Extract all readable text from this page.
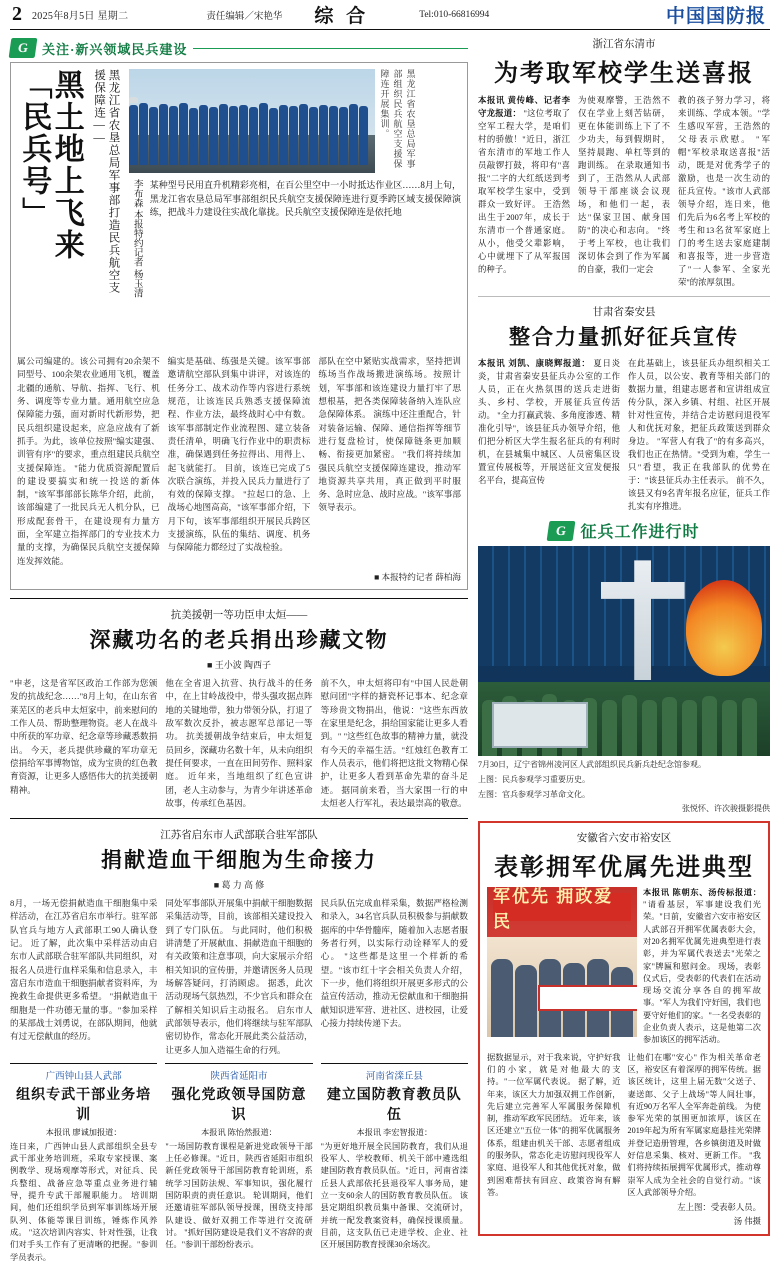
2 2025年8月5日 星期二	责任编辑／宋艳华 综 合	Tel:010-66816994	中国国防报
G 关注·新兴领域民兵建设
黑土地上飞来「民兵号」	黑龙江省农垦总局军事部打造民兵航空支援保障连——	黑龙江省农垦总局军事部组织民兵航空支援保障连开展集训。
李布森 本报特约记者 杨玉清 某种型号民用直升机精彩亮相，在百公里空中一小时抵达作业区……8月上旬，黑龙江省农垦总局军事部组织民兵航空支援保障连进行夏季跨区域支援保障演练，把战斗力建设往实战化靠拢。民兵航空支援保障连是依托地
属公司编建的。该公司拥有20余架不同型号、100余架农业通用飞机，覆盖北疆的通航、导航、指挥、飞行、机务、调度等专业力量。通用航空应急保障能力强，面对新时代新形势，把民兵组织建设起来，应急应战有了新抓手。为此，该单位按照"编实建强、训管有序"的要求，重点组建民兵航空支援保障连。 "能力优质资源配置后的建设要搞实和统一投送的新体制，"该军事部部长陈华介绍，此前，该部编建了一批民兵无人机分队，已形成配套骨干，在建设现有力量方面，全军建立指挥部门的专业技术力量的支撑，为确保民兵航空支援保障连发挥效能。
编实是基础、练强是关键。该军事部邀请航空部队到集中讲评，对该连的任务分工、战术动作等内容进行系统规范，让该连民兵熟悉支援保障流程、作业方法，最终战时心中有数。该军事部制定作业流程图、建立装备责任清单，明确飞行作业中的职责标准，确保遇到任务拉得出、用得上、起飞就能打。 目前，该连已完成了5次联合演练，并投入民兵力量进行了有效的保障支撑。 "拉起口的急、上战场心地图高高，"该军事部介绍，下月下旬，该军事部组织开展民兵跨区支援演练，队伍的集结、调度、机务与保障能力都经过了实战检验。
部队在空中紧贴实战需求，坚持把训练场当作战场搬进演练场。按照计划，军事部和该连建设力量打牢了思想根基，把各类保障装备纳入连队应急保障体系。 演练中还注重配合，针对装备运输、保障、通信指挥等细节进行复盘检讨，使保障链条更加顺畅、衔接更加紧密。 "我们将持续加强民兵航空支援保障连建设，推动军地资源共享共用，真正做到平时服务、急时应急、战时应战。"该军事部领导表示。
■ 本报特约记者 薛柏海
抗美援朝一等功臣申太烜——
深藏功名的老兵捐出珍藏文物
■ 王小波 陶西子
"申老，这是省军区政治工作部为您颁发的抗战纪念……"8月上旬，在山东省莱芜区的老兵申太烜家中，前来慰问的工作人员、帮助整理物资。老人在战斗中所获的军功章、纪念章等珍藏悉数捐出。 今天，老兵提供珍藏的军功章无偿捐给军事博物馆，成为宝贵的红色教育资源，让更多人感悟伟大的抗美援朝精神。
他在全省退入抗营、执行战斗的任务中，在上甘岭战役中，带头强攻据点阵地的关键地带，独力带领分队，打退了敌军数次反扑，被志愿军总部记一等功。 抗美援朝战争结束后，申太烜复员回乡，深藏功名数十年，从未向组织提任何要求，一直在田间劳作、照料家庭。 近年来，当地组织了红色宣讲团，老人主动参与，为青少年讲述革命故事，传承红色基因。
前不久，申太烜将印有"中国人民赴朝慰问团"字样的搪瓷杯记事本、纪念章等珍贵文物捐出，他说："这些东西放在家里是纪念，捐给国家能让更多人看到。" "这些红色故事的精神力量，就没有今天的幸福生活。"红烛红色教育工作人员表示，他们将把这批文物精心保护，让更多人看到革命先辈的奋斗足迹。 据同前来看，当大家围一行的申太烜老人行军礼，表达最崇高的敬意。
江苏省启东市人武部联合驻军部队
捐献造血干细胞为生命接力
■ 葛 力 高 修
8月，一场无偿捐献造血干细胞集中采样活动，在江苏省启东市举行。驻军部队官兵与地方人武部职工90人确认登记。 近了解，此次集中采样活动由启东市人武部联合驻军部队共同组织，对报名人员进行血样采集和信息录入，丰富启东市造血干细胞捐献者资料库，为挽救生命提供更多希望。 "捐献造血干细胞是一件功德无量的事。"参加采样的某部战士刘勇说，在部队期间，他就有过无偿献血的经历。
同处军事部队开展集中捐献干细胞数据采集活动等，目前，该部相关建设投入到了专门队伍。 与此同时，他们积极讲清楚了开展献血、捐献造血干细胞的有关政策和注意事项，向大家展示介绍相关知识的宣传册，并邀请医务人员现场解答疑问，打消顾虑。 据悉，此次活动现场气氛热烈，不少官兵和群众在了解相关知识后主动报名。 启东市人武部领导表示，他们将继续与驻军部队密切协作，常态化开展此类公益活动，让更多人加入造福生命的行列。
民兵队伍完成血样采集，数据严格检测和录入，34名官兵队员积极参与捐献数据库的中华骨髓库，随着加入志愿者服务者行列，以实际行动诠释军人的爱心。 "这些都是这里一个样新的希望。"该市红十字会相关负责人介绍，下一步，他们将组织开展更多形式的公益宣传活动，推动无偿献血和干细胞捐献知识进军营、进社区、进校园，让爱心接力持续传递下去。
广西钟山县人武部
组织专武干部业务培训
本报讯 廖诚加报道：
连日来，广西钟山县人武部组织全县专武干部业务培训班，采取专家授课、案例教学、现场观摩等形式，对征兵、民兵整组、战备应急等重点业务进行辅导，提升专武干部履职能力。 培训期间，他们还组织学员到军事训练场开展队列、体能等课目训练，锤炼作风养成。 "这次培训内容实、针对性强，让我们对手头工作有了更清晰的把握。"参训学员表示。
陕西省延阳市
强化党政领导国防意识
本报讯 陈怡然报道：
"一场国防教育课程是新进党政领导干部上任必修课。"近日，陕西省延阳市组织新任党政领导干部国防教育轮训班，系统学习国防法规、军事知识，强化履行国防职责的责任意识。 轮训期间，他们还邀请驻军部队领导授课，围绕支持部队建设、做好双拥工作等进行交流研讨。 "抓好国防建设是我们义不容辞的责任。"参训干部纷纷表示。
河南省滦丘县
建立国防教育教员队伍
本报讯 李宏智报道：
"为更好地开展全民国防教育，我们从退役军人、学校教师、机关干部中遴选组建国防教育教员队伍。"近日，河南省滦丘县人武部依托县退役军人事务局，建立一支60余人的国防教育教员队伍。 该县定期组织教员集中备课、交流研讨，并统一配发教案资料，确保授课质量。 目前，这支队伍已走进学校、企业、社区开展国防教育授课30余场次。
浙江省东清市
为考取军校学生送喜报
本报讯 黄传峰、记者李守龙报道： "这位考取了空军工程大学，是咱们村的骄傲！"近日，浙江省东清市的军地工作人员敲锣打鼓，将印有"喜报"二字的大红纸送到考取军校学生家中，受到群众一致好评。 王浩然出生于2007年，成长于东清市一个普通家庭。从小，他受父辈影响，心中就埋下了从军报国的种子。
为使观摩警，王浩然不仅在学业上刻苦钻研，更在体能训练上下了不少功夫，每到假期时，坚持晨跑、单杠等到的跑训练。 在录取通知书到了，王浩然从人武部领导干部座谈会议现场，和他们一起，表达"保家卫国、献身国防"的决心和志向。 "终于考上军校，也让我们深切体会到了作为军属的自豪，我们一定会
教的孩子努力学习，将来训练、学成本领。"学生感叹军营，王浩然的父母表示欣慰。 "军帽"军校录取送喜报"活动，既是对优秀学子的激励，也是一次生动的征兵宣传。"该市人武部领导介绍，连日来，他们先后为6名考上军校的考生和13名贫军家庭上门的考生送去家庭建制和喜报等，进一步营造了"一人参军、全家光荣"的浓厚氛围。
甘肃省秦安县
整合力量抓好征兵宣传
本报讯 刘凯、康晓辉报道： 夏日炎炎，甘肃省秦安县征兵办公室的工作人员，正在火热氛围的送兵走进街头、乡村、学校，开展征兵宣传活动。 "全力打赢武装、多角度渗透、精准化引导"，该县征兵办领导介绍，他们把分析区大学生报名征兵的有利时机，在县城集中城区、人员密集区设置宣传展板等，开展送征文宣发便报名平台，提高宣传
在此基础上，该县征兵办组织相关工作人员，以公安、教育等相关部门的数据力量，组建志愿者和宣讲组成宣传分队，深入乡镇、村组、社区开展针对性宣传，并结合走访慰问退役军人和优抚对象，把征兵政策送到群众身边。 "军营人有我了"的有多高兴，我们也正在热情。"受到为难，学生一只"看望，我正在我部队的优势在于："该县征兵办主任表示。 前不久，该县又有9名青年报名应征，征兵工作扎实有序推进。
G 征兵工作进行时
7月30日，辽宁省锦州凌河区人武部组织民兵新兵赴纪念馆参观。
上图：民兵参观学习重要历史。
左图：官兵参观学习革命文化。
张悦怀、许次骏摄影提供
安徽省六安市裕安区
表彰拥军优属先进典型
军优先 拥政爱民
本报讯 陈朝东、汤传标报道： "请看基层，军事建设我们光荣。"日前，安徽省六安市裕安区人武部召开拥军优属表彰大会，对20名拥军优属先进典型进行表彰，并为军属代表送去"光荣之家"牌匾和慰问金。 现场，表彰仪式后，受表彰的代表们在活动现场交流分享各自的拥军故事。"军人为我们守好国，我们也要守好他们的家。"一名受表彰的企业负责人表示，这是他第二次参加该区的拥军活动。
据数据显示，对于我来说，守护好我们的小家，就是对他最大的支持。"一位军属代表说。 据了解，近年来，该区大力加强双拥工作创新，先后建立完善军人军属服务保障机制，推动军政军民团结。 近年来，该区还建立"五位一体"的拥军优属服务体系，组建由机关干部、志愿者组成的服务队，常态化走访慰问现役军人家庭、退役军人和其他优抚对象，做到困难帮扶有回应、政策咨询有解答。
让他们在哪"安心" 作为相关革命老区，裕安区有着深厚的拥军传统。据该区统计，这里上届无数"父送子、妻送郎、父子上战场"等人间壮事，有近90万名军人全军奔赴前线。 为使参军光荣的氛围更加浓厚，该区在2019年起为所有军属家庭悬挂光荣牌并登记造册管理，各乡镇街道及时做好信息采集、核对、更新工作。 "我们将持续拓展拥军优属形式，推动尊崇军人成为全社会的自觉行动。"该区人武部领导介绍。
左上图：受表彰人员。
汤 伟摄
